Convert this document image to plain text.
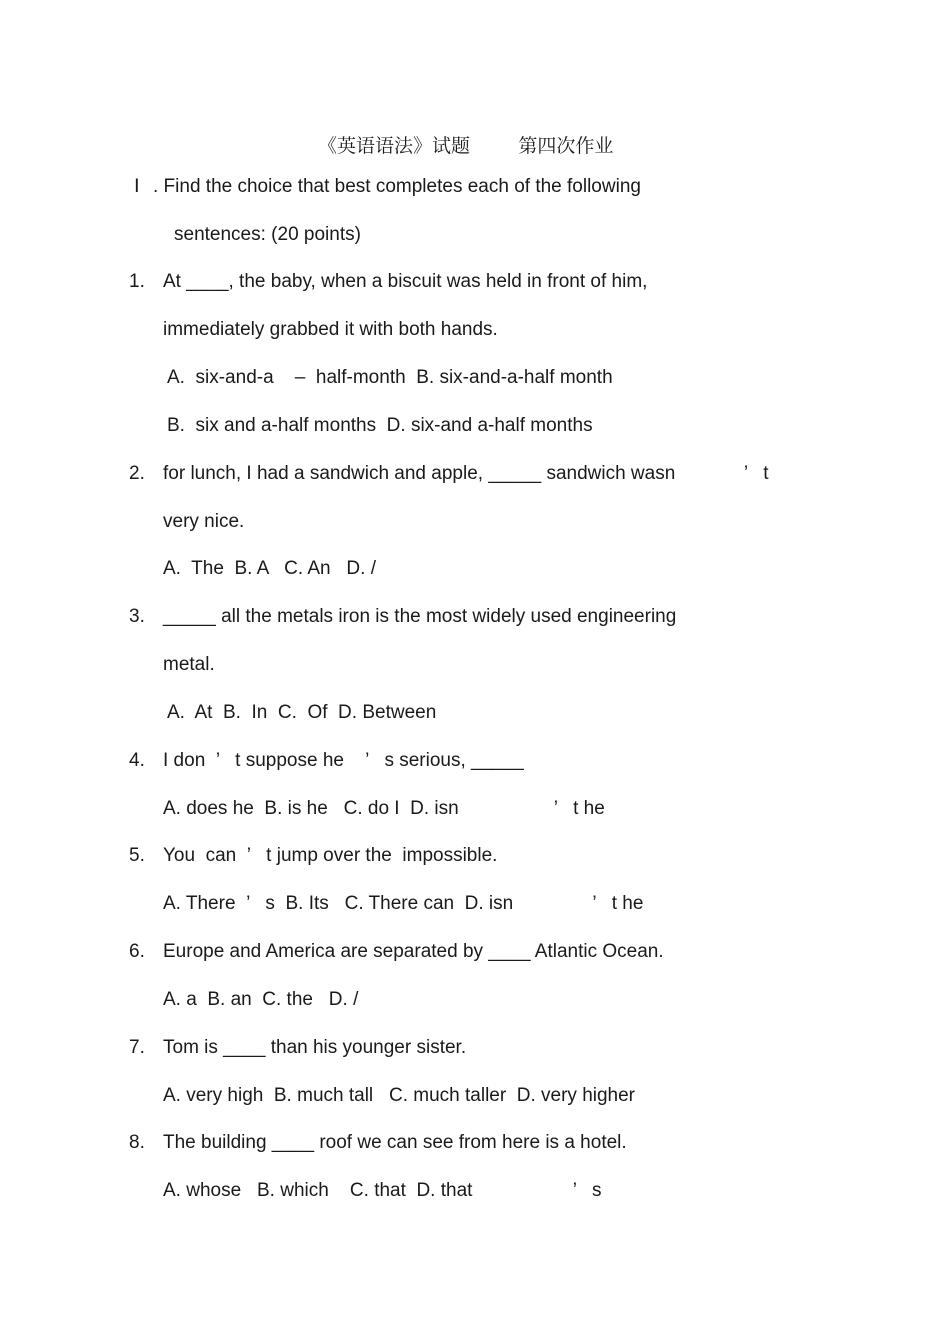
《英语语法》试题        第四次作业
Ⅰ . Find the choice that best completes each of the following
sentences: (20 points)
1. At ____, the baby, when a biscuit was held in front of him,
immediately grabbed it with both hands.
A.  six-and-a    –  half-month  B. six-and-a-half month
B.  six and a-half months  D. six-and a-half months
2. for lunch, I had a sandwich and apple, _____ sandwich wasn             ’   t
very nice.
A.  The  B. A   C. An   D. /
3. _____ all the metals iron is the most widely used engineering
metal.
A.  At  B.  In  C.  Of  D. Between
4. I don  ’   t suppose he    ’   s serious, _____
A. does he  B. is he   C. do I  D. isn                  ’   t he
5. You  can  ’   t jump over the  impossible.
A. There  ’   s  B. Its   C. There can  D. isn               ’   t he
6. Europe and America are separated by ____ Atlantic Ocean.
A. a  B. an  C. the   D. /
7. Tom is ____ than his younger sister.
A. very high  B. much tall   C. much taller  D. very higher
8. The building ____ roof we can see from here is a hotel.
A. whose   B. which    C. that  D. that                   ’   s
